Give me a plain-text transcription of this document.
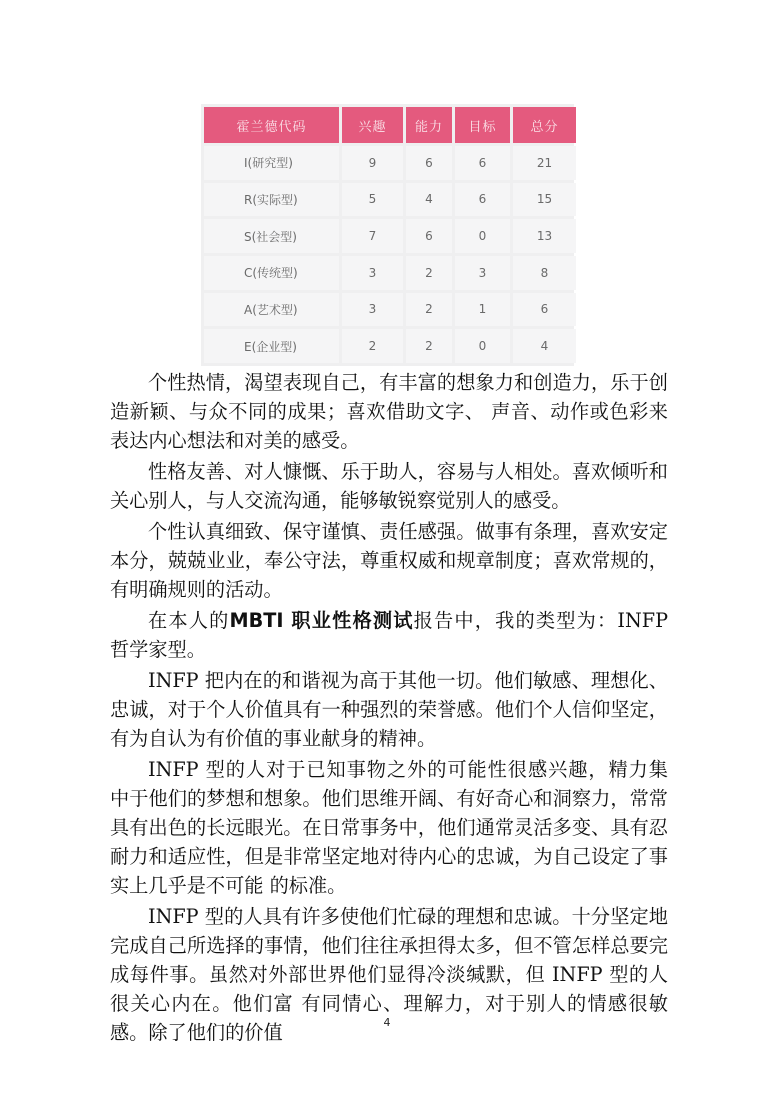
霍兰德代码	兴趣	能力	目标	总分
I(研究型)	9	6	6	21
R(实际型)	5	4	6	15
S(社会型)	7	6	0	13
C(传统型)	3	2	3	8
A(艺术型)	3	2	1	6
E(企业型)	2	2	0	4

个性热情，渴望表现自己，有丰富的想象力和创造力，乐于创造新颖、与众不同的成果；喜欢借助文字、 声音、动作或色彩来表达内心想法和对美的感受。

性格友善、对人慷慨、乐于助人，容易与人相处。喜欢倾听和关心别人，与人交流沟通，能够敏锐察觉别人的感受。

个性认真细致、保守谨慎、责任感强。做事有条理，喜欢安定本分，兢兢业业，奉公守法，尊重权威和规章制度；喜欢常规的，有明确规则的活动。

在本人的MBTI 职业性格测试报告中，我的类型为：INFP 哲学家型。

INFP 把内在的和谐视为高于其他一切。他们敏感、理想化、忠诚，对于个人价值具有一种强烈的荣誉感。他们个人信仰坚定，有为自认为有价值的事业献身的精神。

INFP 型的人对于已知事物之外的可能性很感兴趣，精力集 中于他们的梦想和想象。他们思维开阔、有好奇心和洞察力，常常具有出色的长远眼光。在日常事务中，他们通常灵活多变、具有忍耐力和适应性，但是非常坚定地对待内心的忠诚，为自己设定了事实上几乎是不可能 的标准。

INFP 型的人具有许多使他们忙碌的理想和忠诚。十分坚定地完成自己所选择的事情，他们往往承担得太多，但不管怎样总要完成每件事。虽然对外部世界他们显得冷淡缄默，但 INFP 型的人很关心内在。他们富 有同情心、理解力，对于别人的情感很敏感。除了他们的价值	4
